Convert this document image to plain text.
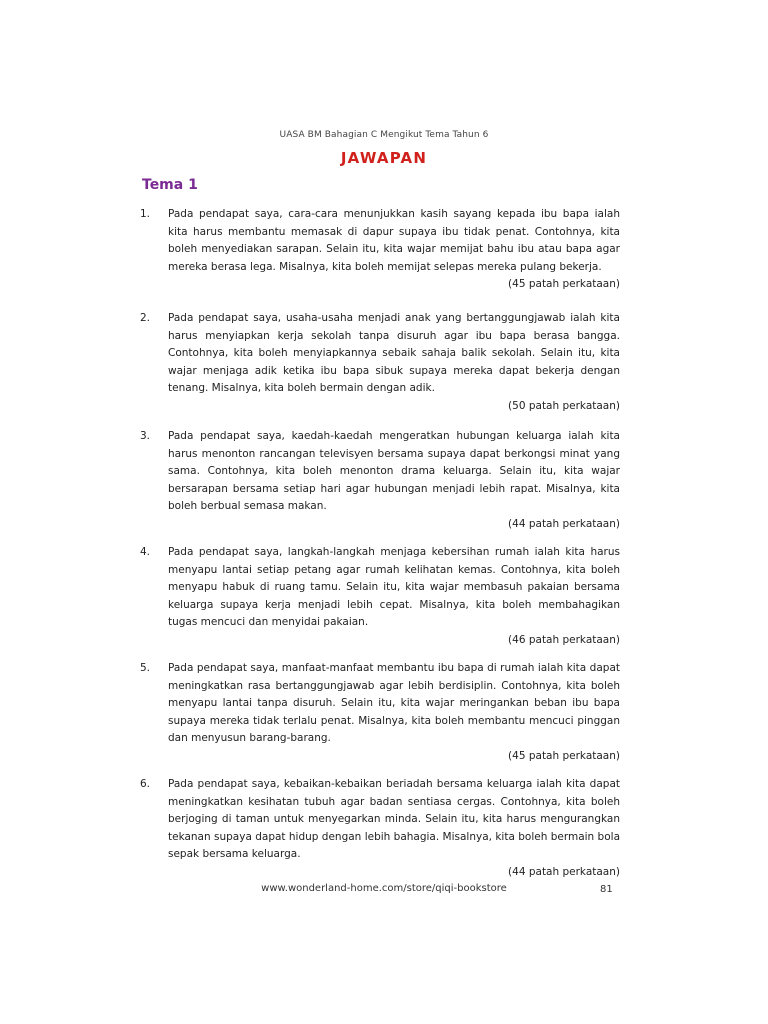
UASA BM Bahagian C Mengikut Tema Tahun 6
JAWAPAN
Tema 1
1. Pada pendapat saya, cara-cara menunjukkan kasih sayang kepada ibu bapa ialah kita harus membantu memasak di dapur supaya ibu tidak penat. Contohnya, kita boleh menyediakan sarapan. Selain itu, kita wajar memijat bahu ibu atau bapa agar mereka berasa lega. Misalnya, kita boleh memijat selepas mereka pulang bekerja.
(45 patah perkataan)
2. Pada pendapat saya, usaha-usaha menjadi anak yang bertanggungjawab ialah kita harus menyiapkan kerja sekolah tanpa disuruh agar ibu bapa berasa bangga. Contohnya, kita boleh menyiapkannya sebaik sahaja balik sekolah. Selain itu, kita wajar menjaga adik ketika ibu bapa sibuk supaya mereka dapat bekerja dengan tenang. Misalnya, kita boleh bermain dengan adik.
(50 patah perkataan)
3. Pada pendapat saya, kaedah-kaedah mengeratkan hubungan keluarga ialah kita harus menonton rancangan televisyen bersama supaya dapat berkongsi minat yang sama. Contohnya, kita boleh menonton drama keluarga. Selain itu, kita wajar bersarapan bersama setiap hari agar hubungan menjadi lebih rapat. Misalnya, kita boleh berbual semasa makan.
(44 patah perkataan)
4. Pada pendapat saya, langkah-langkah menjaga kebersihan rumah ialah kita harus menyapu lantai setiap petang agar rumah kelihatan kemas. Contohnya, kita boleh menyapu habuk di ruang tamu. Selain itu, kita wajar membasuh pakaian bersama keluarga supaya kerja menjadi lebih cepat. Misalnya, kita boleh membahagikan tugas mencuci dan menyidai pakaian.
(46 patah perkataan)
5. Pada pendapat saya, manfaat-manfaat membantu ibu bapa di rumah ialah kita dapat meningkatkan rasa bertanggungjawab agar lebih berdisiplin. Contohnya, kita boleh menyapu lantai tanpa disuruh. Selain itu, kita wajar meringankan beban ibu bapa supaya mereka tidak terlalu penat. Misalnya, kita boleh membantu mencuci pinggan dan menyusun barang-barang.
(45 patah perkataan)
6. Pada pendapat saya, kebaikan-kebaikan beriadah bersama keluarga ialah kita dapat meningkatkan kesihatan tubuh agar badan sentiasa cergas. Contohnya, kita boleh berjoging di taman untuk menyegarkan minda. Selain itu, kita harus mengurangkan tekanan supaya dapat hidup dengan lebih bahagia. Misalnya, kita boleh bermain bola sepak bersama keluarga.
(44 patah perkataan)
www.wonderland-home.com/store/qiqi-bookstore	81
